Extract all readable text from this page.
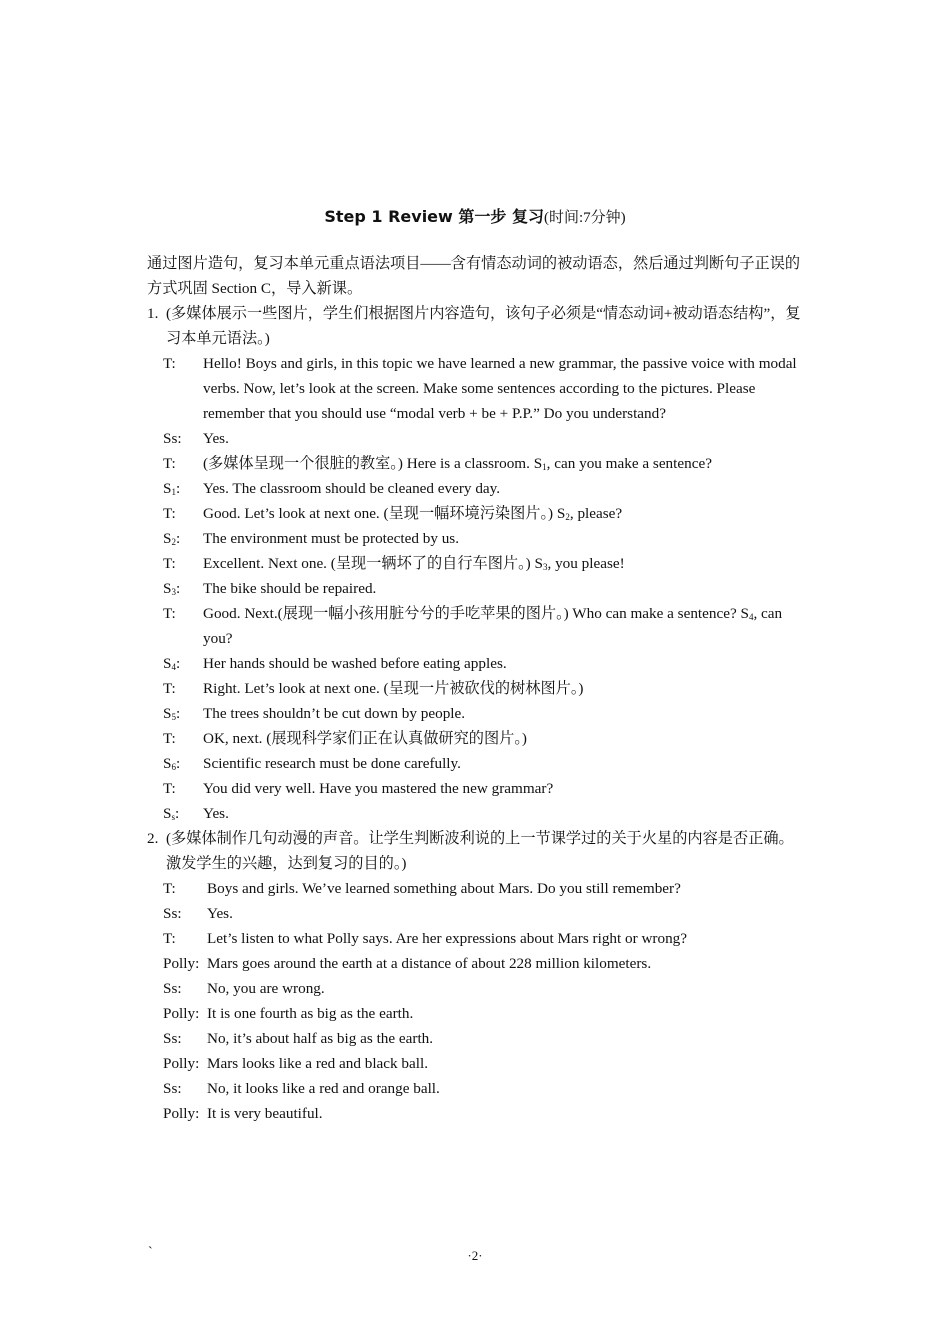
Step 1 Review 第一步 复习(时间:7分钟)

通过图片造句，复习本单元重点语法项目——含有情态动词的被动语态，然后通过判断句子正误的方式巩固 Section C，导入新课。

1. (多媒体展示一些图片，学生们根据图片内容造句，该句子必须是“情态动词+被动语态结构”，复习本单元语法。)
T: Hello! Boys and girls, in this topic we have learned a new grammar, the passive voice with modal verbs. Now, let’s look at the screen. Make some sentences according to the pictures. Please remember that you should use “modal verb + be + P.P.” Do you understand?
Ss: Yes.
T: (多媒体呈现一个很脏的教室。) Here is a classroom. $S_1$, can you make a sentence?
$S_1$: Yes. The classroom should be cleaned every day.
T: Good. Let’s look at next one. (呈现一幅环境污染图片。) $S_2$, please?
$S_2$: The environment must be protected by us.
T: Excellent. Next one. (呈现一辆坏了的自行车图片。) $S_3$, you please!
$S_3$: The bike should be repaired.
T: Good. Next.(展现一幅小孩用脏兮兮的手吃苹果的图片。) Who can make a sentence? $S_4$, can you?
$S_4$: Her hands should be washed before eating apples.
T: Right. Let’s look at next one. (呈现一片被砍伐的树林图片。)
$S_5$: The trees shouldn’t be cut down by people.
T: OK, next. (展现科学家们正在认真做研究的图片。)
$S_6$: Scientific research must be done carefully.
T: You did very well. Have you mastered the new grammar?
$S_s$: Yes.
2. (多媒体制作几句动漫的声音。让学生判断波利说的上一节课学过的关于火星的内容是否正确。激发学生的兴趣，达到复习的目的。)
T: Boys and girls. We’ve learned something about Mars. Do you still remember?
Ss: Yes.
T: Let’s listen to what Polly says. Are her expressions about Mars right or wrong?
Polly: Mars goes around the earth at a distance of about 228 million kilometers.
Ss: No, you are wrong.
Polly: It is one fourth as big as the earth.
Ss: No, it’s about half as big as the earth.
Polly: Mars looks like a red and black ball.
Ss: No, it looks like a red and orange ball.
Polly: It is very beautiful.
`	·2·
